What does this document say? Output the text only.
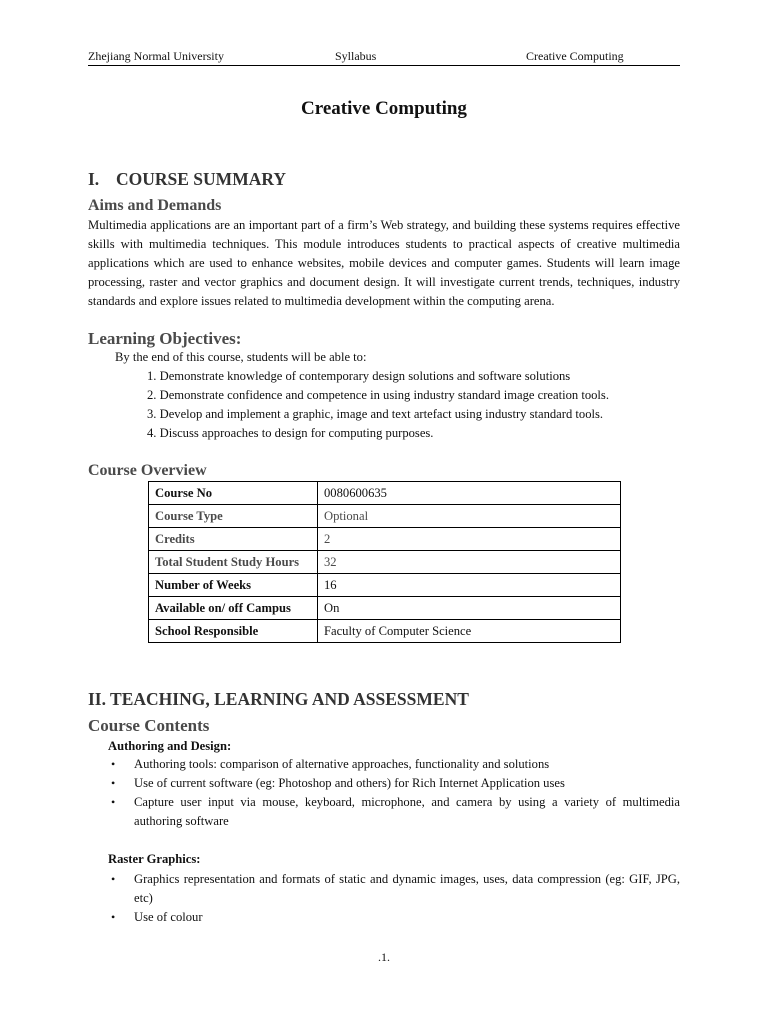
Zhejiang Normal University	Syllabus	Creative Computing
Creative Computing
I. COURSE SUMMARY
Aims and Demands

Multimedia applications are an important part of a firm’s Web strategy, and building these systems requires effective skills with multimedia techniques. This module introduces students to practical aspects of creative multimedia applications which are used to enhance websites, mobile devices and computer games. Students will learn image processing, raster and vector graphics and document design. It will investigate current trends, techniques, industry standards and explore issues related to multimedia development within the computing arena.

Learning Objectives:
By the end of this course, students will be able to:
1. Demonstrate knowledge of contemporary design solutions and software solutions
2. Demonstrate confidence and competence in using industry standard image creation tools.
3. Develop and implement a graphic, image and text artefact using industry standard tools.
4. Discuss approaches to design for computing purposes.
Course Overview
Course No	0080600635
Course Type	Optional
Credits	2
Total Student Study Hours	32
Number of Weeks	16
Available on/ off Campus	On
School Responsible	Faculty of Computer Science
II. TEACHING, LEARNING AND ASSESSMENT
Course Contents
Authoring and Design:
• Authoring tools: comparison of alternative approaches, functionality and solutions
• Use of current software (eg: Photoshop and others) for Rich Internet Application uses
• Capture user input via mouse, keyboard, microphone, and camera by using a variety of multimedia authoring software
Raster Graphics:
• Graphics representation and formats of static and dynamic images, uses, data compression (eg: GIF, JPG, etc)
• Use of colour
.1.
